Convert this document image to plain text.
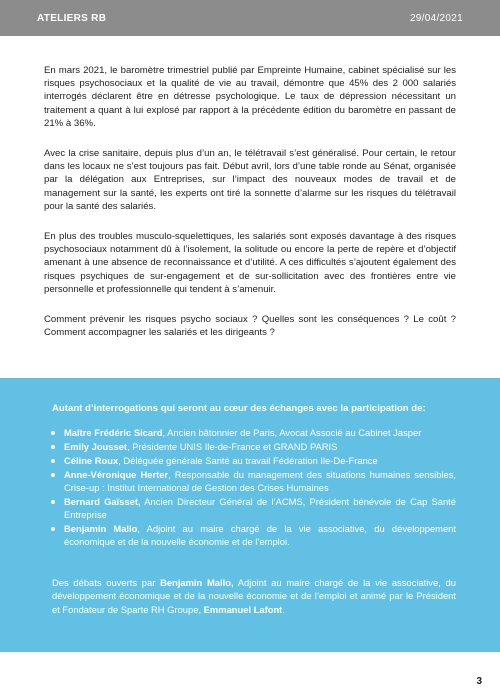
ATELIERS RB	29/04/2021

En mars 2021, le baromètre trimestriel publié par Empreinte Humaine, cabinet spécialisé sur les risques psychosociaux et la qualité de vie au travail, démontre que 45% des 2 000 salariés interrogés déclarent être en détresse psychologique. Le taux de dépression nécessitant un traitement a quant à lui explosé par rapport à la précédente édition du baromètre en passant de 21% à 36%.

Avec la crise sanitaire, depuis plus d’un an, le télétravail s’est généralisé. Pour certain, le retour dans les locaux ne s’est toujours pas fait. Début avril, lors d’une table ronde au Sénat, organisée par la délégation aux Entreprises, sur l’impact des nouveaux modes de travail et de management sur la santé, les experts ont tiré la sonnette d’alarme sur les risques du télétravail pour la santé des salariés.

En plus des troubles musculo-squelettiques, les salariés sont exposés davantage à des risques psychosociaux notamment dû à l’isolement, la solitude ou encore la perte de repère et d’objectif amenant à une absence de reconnaissance et d’utilité. A ces difficultés s’ajoutent également des risques psychiques de sur-engagement et de sur-sollicitation avec des frontières entre vie personnelle et professionnelle qui tendent à s’amenuir.

Comment prévenir les risques psycho sociaux ? Quelles sont les conséquences ? Le coût ? Comment accompagner les salariés et les dirigeants ?

Autant d’interrogations qui seront au cœur des échanges avec la participation de:
Maître Frédéric Sicard, Ancien bâtonnier de Paris, Avocat Associé au Cabinet Jasper
Emily Jousset, Présidente UNIS Ile-de-France et GRAND PARIS
Céline Roux, Déléguée générale Santé au travail Fédération Ile-De-France
Anne-Véronique Herter, Responsable du management des situations humaines sensibles, Crise-up : Institut International de Gestion des Crises Humaines
Bernard Gaïsset, Ancien Directeur Général de l’ACMS, Président bénévole de Cap Santé Entreprise
Benjamin Mallo, Adjoint au maire chargé de la vie associative, du développement économique et de la nouvelle économie et de l’emploi.

Des débats ouverts par Benjamin Mallo, Adjoint au maire chargé de la vie associative, du développement économique et de la nouvelle économie et de l’emploi et animé par le Président et Fondateur de Sparte RH Groupe, Emmanuel Lafont.

3
